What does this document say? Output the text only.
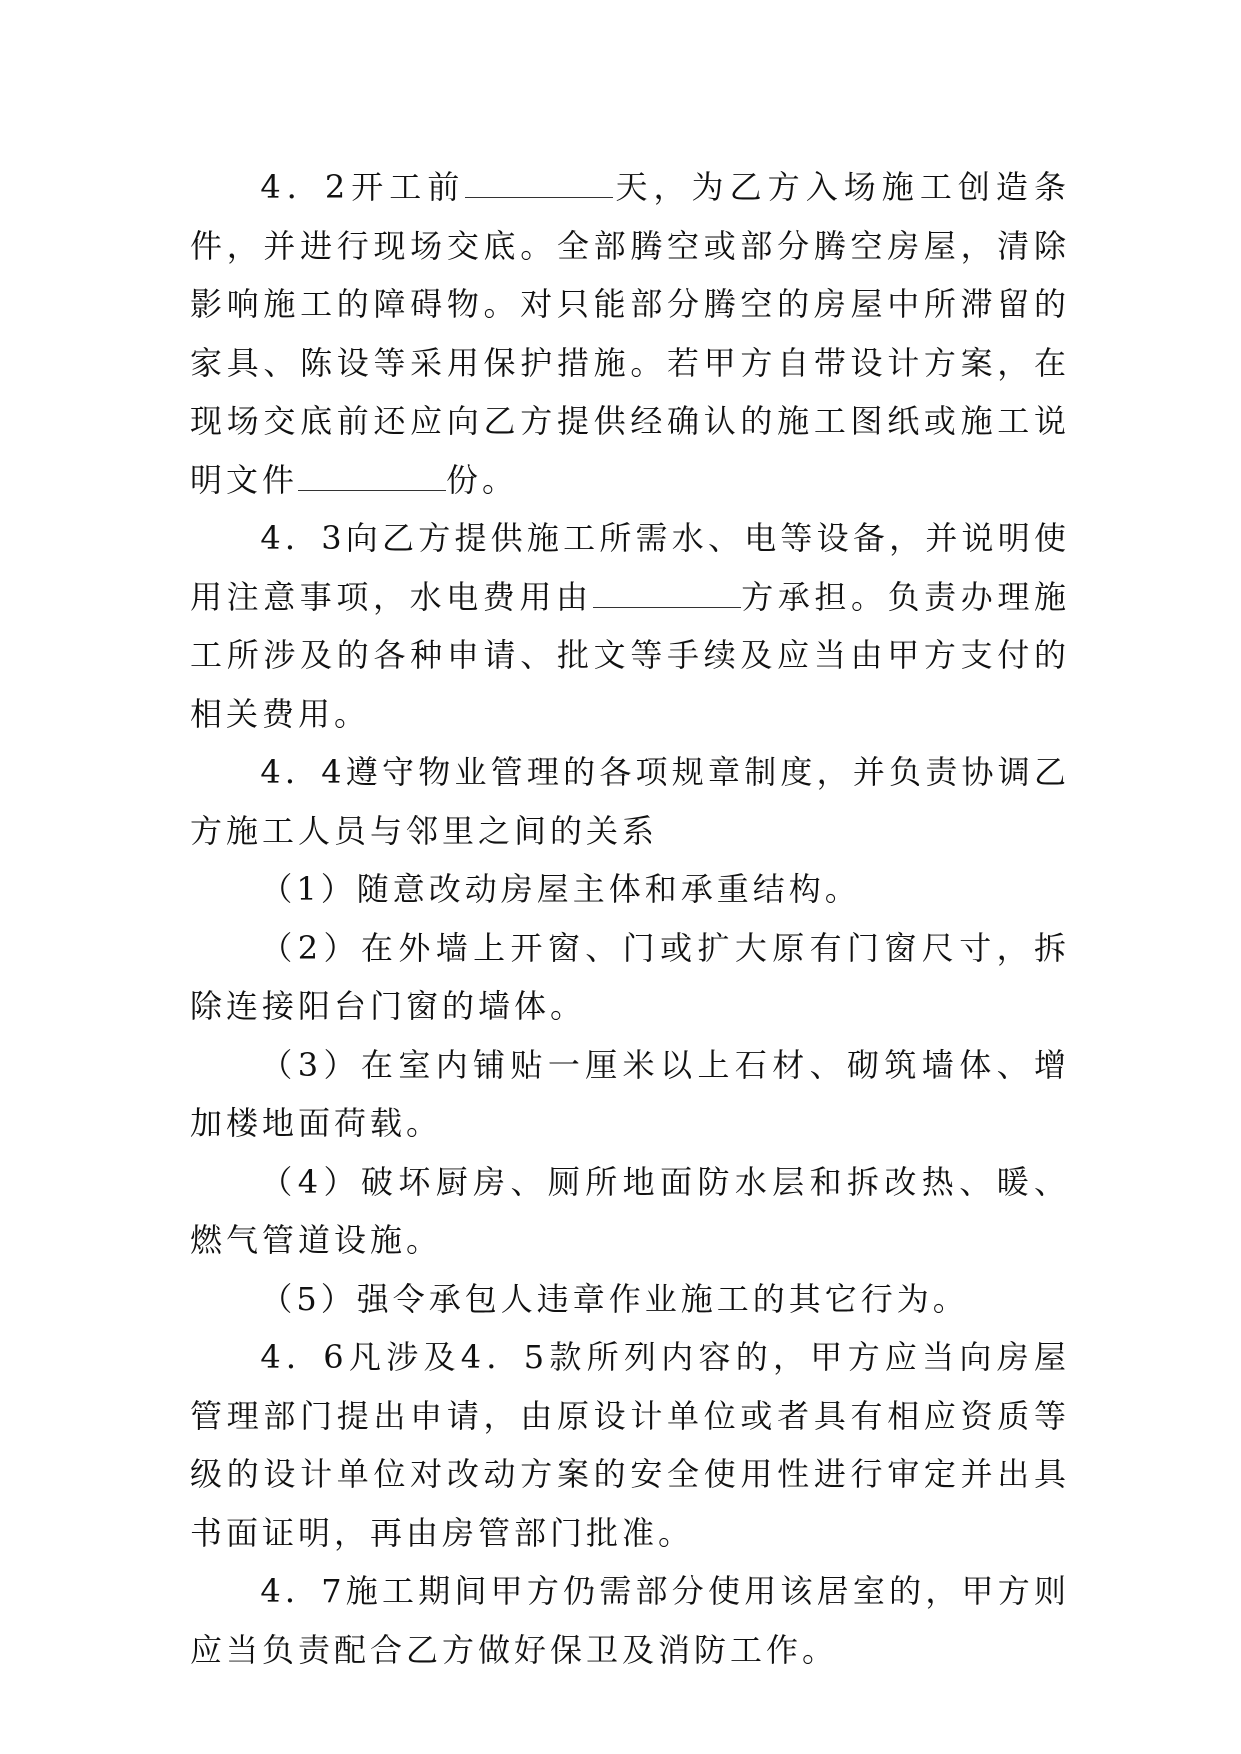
4．2开工前	天，为乙方入场施工创造条件，并进行现场交底。全部腾空或部分腾空房屋，清除影响施工的障碍物。对只能部分腾空的房屋中所滞留的家具、陈设等采用保护措施。若甲方自带设计方案，在现场交底前还应向乙方提供经确认的施工图纸或施工说明文件	份。

4．3向乙方提供施工所需水、电等设备，并说明使用注意事项，水电费用由	方承担。负责办理施工所涉及的各种申请、批文等手续及应当由甲方支付的相关费用。

4．4遵守物业管理的各项规章制度，并负责协调乙方施工人员与邻里之间的关系

（1）随意改动房屋主体和承重结构。

（2）在外墙上开窗、门或扩大原有门窗尺寸，拆除连接阳台门窗的墙体。

（3）在室内铺贴一厘米以上石材、砌筑墙体、增加楼地面荷载。

（4）破坏厨房、厕所地面防水层和拆改热、暖、燃气管道设施。

（5）强令承包人违章作业施工的其它行为。

4．6凡涉及4．5款所列内容的，甲方应当向房屋管理部门提出申请，由原设计单位或者具有相应资质等级的设计单位对改动方案的安全使用性进行审定并出具书面证明，再由房管部门批准。

4．7施工期间甲方仍需部分使用该居室的，甲方则应当负责配合乙方做好保卫及消防工作。
